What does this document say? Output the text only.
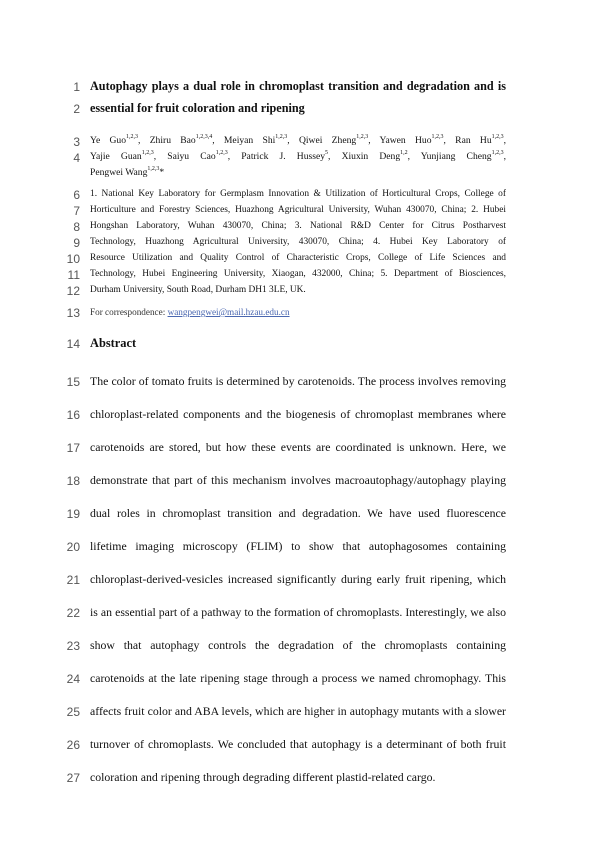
1 Autophagy plays a dual role in chromoplast transition and degradation and is
2 essential for fruit coloration and ripening
3 Ye Guo$^{1,2,3}$, Zhiru Bao$^{1,2,3,4}$, Meiyan Shi$^{1,2,3}$, Qiwei Zheng$^{1,2,3}$, Yawen Huo$^{1,2,3}$, Ran Hu$^{1,2,3}$,
4 Yajie Guan$^{1,2,3}$, Saiyu Cao$^{1,2,3}$, Patrick J. Hussey$^5$, Xiuxin Deng$^{1,2}$, Yunjiang Cheng$^{1,2,3}$,
Pengwei Wang$^{1,2,3}$*
6 1. National Key Laboratory for Germplasm Innovation & Utilization of Horticultural Crops, College of
7 Horticulture and Forestry Sciences, Huazhong Agricultural University, Wuhan 430070, China; 2. Hubei
8 Hongshan Laboratory, Wuhan 430070, China; 3. National R&D Center for Citrus Postharvest
9 Technology, Huazhong Agricultural University, 430070, China; 4. Hubei Key Laboratory of
10 Resource Utilization and Quality Control of Characteristic Crops, College of Life Sciences and
11 Technology, Hubei Engineering University, Xiaogan, 432000, China; 5. Department of Biosciences,
12 Durham University, South Road, Durham DH1 3LE, UK.
13 For correspondence: wangpengwei@mail.hzau.edu.cn
14 Abstract
15 The color of tomato fruits is determined by carotenoids. The process involves removing
16 chloroplast-related components and the biogenesis of chromoplast membranes where
17 carotenoids are stored, but how these events are coordinated is unknown. Here, we
18 demonstrate that part of this mechanism involves macroautophagy/autophagy playing
19 dual roles in chromoplast transition and degradation. We have used fluorescence
20 lifetime imaging microscopy (FLIM) to show that autophagosomes containing
21 chloroplast-derived-vesicles increased significantly during early fruit ripening, which
22 is an essential part of a pathway to the formation of chromoplasts. Interestingly, we also
23 show that autophagy controls the degradation of the chromoplasts containing
24 carotenoids at the late ripening stage through a process we named chromophagy. This
25 affects fruit color and ABA levels, which are higher in autophagy mutants with a slower
26 turnover of chromoplasts. We concluded that autophagy is a determinant of both fruit
27 coloration and ripening through degrading different plastid-related cargo.
